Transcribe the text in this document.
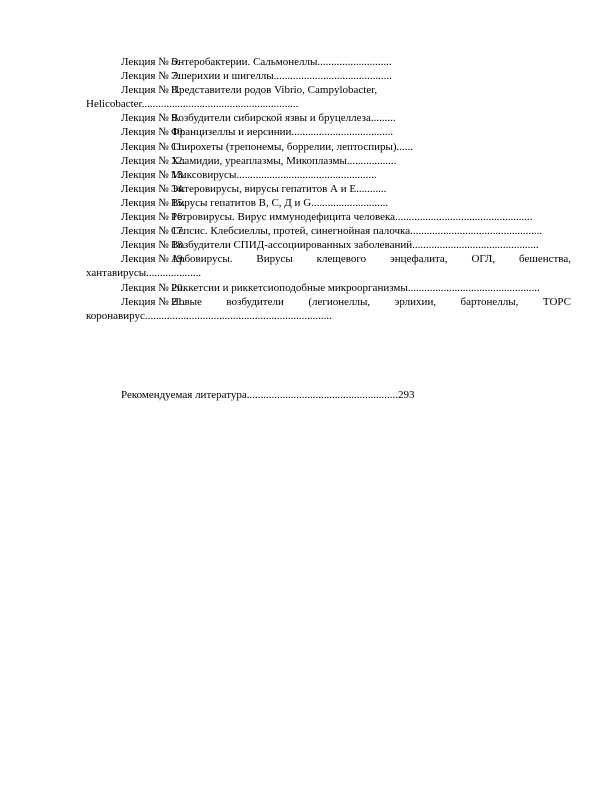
Лекция № 6.Энтеробактерии. Сальмонеллы...........................
Лекция № 7.Эшерихии и шигеллы...........................................
Лекция № 8.Представители родов Vibrio, Campylobacter, Helicobacter.........................................................
Лекция № 9.Возбудители сибирской язвы и бруцеллеза.........
Лекция № 10.Францизеллы и иерсинии.....................................
Лекция № 11.Спирохеты (трепонемы, боррелии, лептоспиры)......
Лекция № 12.Хламидии, уреаплазмы, Микоплазмы..................
Лекция № 13.Миксовирусы...................................................
Лекция № 14.Энтеровирусы, вирусы гепатитов А и Е...........
Лекция № 15.Вирусы гепатитов В, С, Д и G............................
Лекция № 16.Ретровирусы. Вирус иммунодефицита человека..................................................
Лекция № 17.Сепсис. Клебсиеллы, протей, синегнойная палочка................................................
Лекция № 18.Возбудители СПИД-ассоциированных заболеваний..............................................
Лекция № 19.Арбовирусы. Вирусы клещевого энцефалита, ОГЛ, бешенства, хантавирусы....................
Лекция № 20.Риккетсии и риккетсиоподобные микроорганизмы................................................
Лекция № 21.Новые возбудители (легионеллы, эрлихии, бартонеллы, ТОРС коронавирус....................................................................
Рекомендуемая литература.......................................................293
